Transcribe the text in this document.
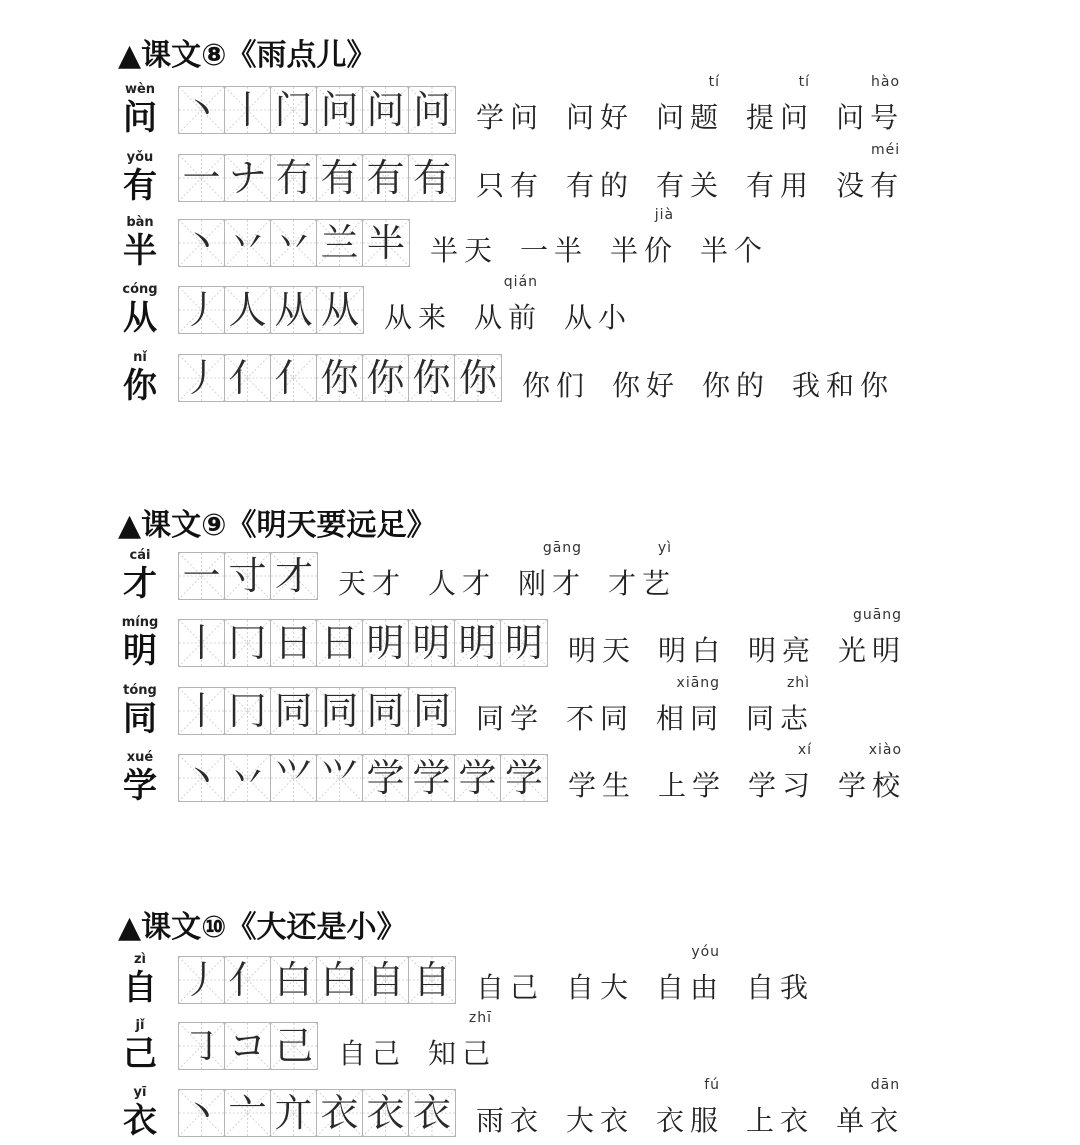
▲课文⑧《雨点儿》
wèn
问 丶 丨 门 问 问 问 学问 问好 问题
tí
提问
tí
问号
hào
yǒu
有 一 ナ 冇 有 有 有 只有 有的 有关 有用 没有
méi
bàn
半 丶 丷 丷 兰 半 半天 一半 半价
jià
半个
cóng
从 丿 人 从 从 从来 从前
qián
从小
nǐ
你 丿 亻 亻 你 你 你 你 你们 你好 你的 我和你
▲课文⑨《明天要远足》
cái
才 一 寸 才 天才 人才 刚才
gāng
才艺
yì
míng
明 丨 冂 日 日 明 明 明 明 明天 明白 明亮 光明
guāng
tóng
同 丨 冂 同 同 同 同 同学 不同 相同
xiāng
同志
zhì
xué
学 丶 丷 ⺍ ⺍ 学 学 学 学 学生 上学 学习
xí
学校
xiào
▲课文⑩《大还是小》
zì
自 丿 亻 白 白 自 自 自己 自大 自由
yóu
自我
jǐ
己 ㇆ コ 己 自己 知己
zhī
yī
衣 丶 亠 亣 衣 衣 衣 雨衣 大衣 衣服
fú
上衣 单衣
dān
